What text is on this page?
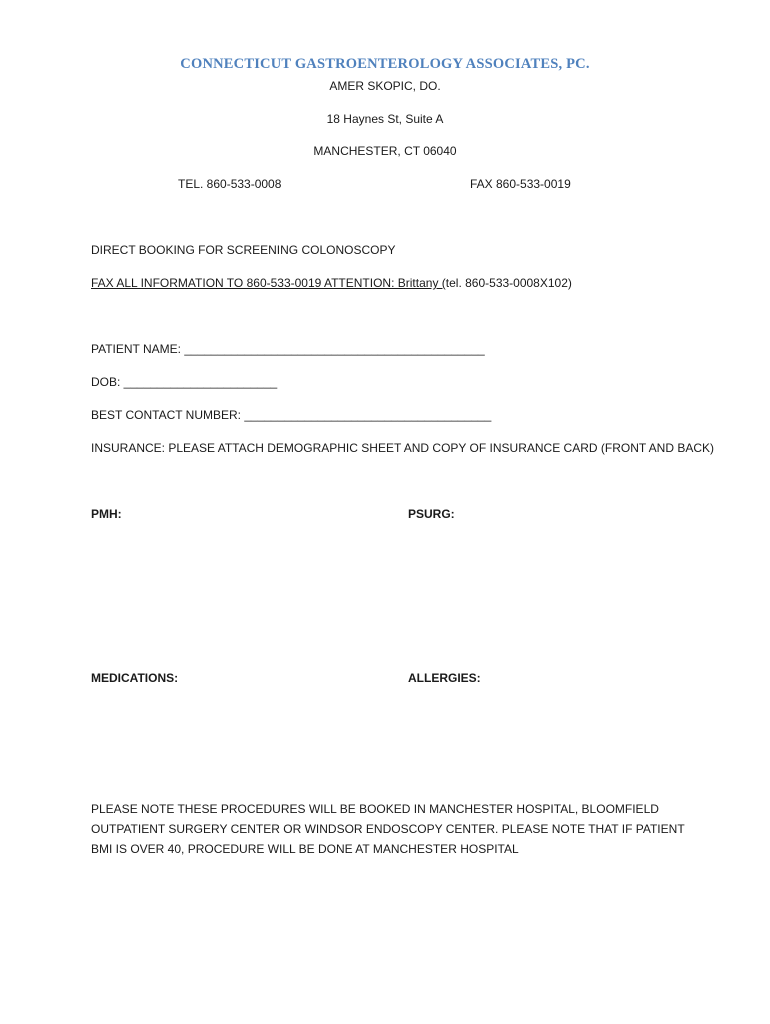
CONNECTICUT GASTROENTEROLOGY ASSOCIATES, PC.
AMER SKOPIC, DO.
18 Haynes St, Suite A
MANCHESTER, CT 06040
TEL. 860-533-0008	FAX 860-533-0019
DIRECT BOOKING FOR SCREENING COLONOSCOPY
FAX ALL INFORMATION TO 860-533-0019 ATTENTION: Brittany (tel. 860-533-0008X102)
PATIENT NAME: _____________________________________________
DOB: _______________________
BEST CONTACT NUMBER: _____________________________________
INSURANCE: PLEASE ATTACH DEMOGRAPHIC SHEET AND COPY OF INSURANCE CARD (FRONT AND BACK)
PMH:	PSURG:
MEDICATIONS:	ALLERGIES:
PLEASE NOTE THESE PROCEDURES WILL BE BOOKED IN MANCHESTER HOSPITAL, BLOOMFIELD OUTPATIENT SURGERY CENTER OR WINDSOR ENDOSCOPY CENTER. PLEASE NOTE THAT IF PATIENT BMI IS OVER 40, PROCEDURE WILL BE DONE AT MANCHESTER HOSPITAL
